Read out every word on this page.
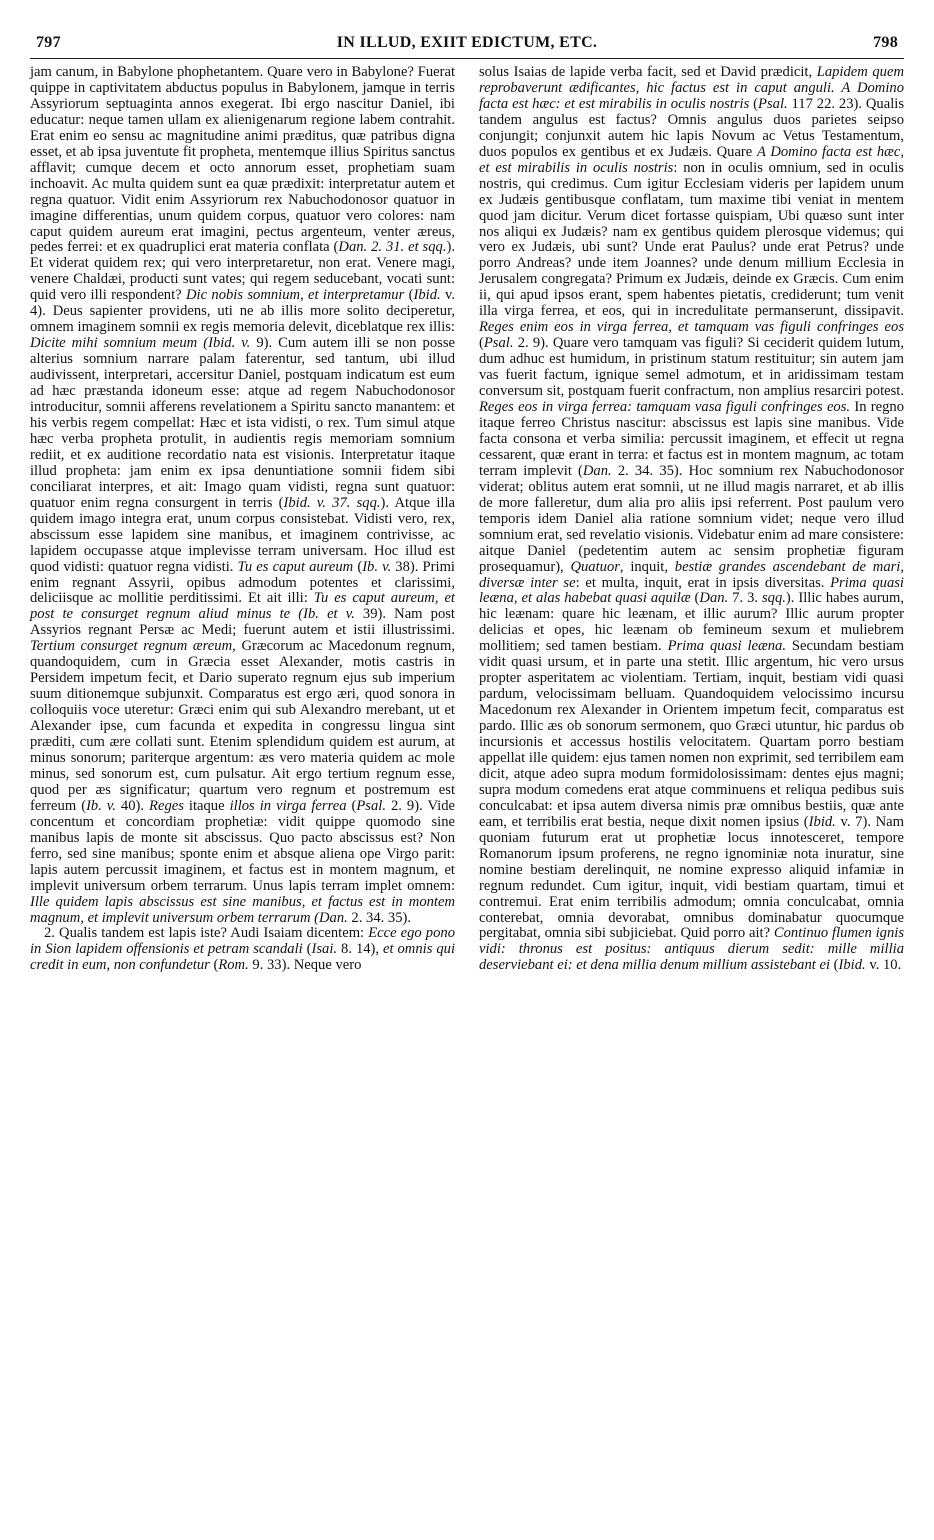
797	IN ILLUD, EXIIT EDICTUM, ETC.	798

jam canum, in Babylone phophetantem. Quare vero in Babylone? Fuerat quippe in captivitatem abductus populus in Babylonem, jamque in terris Assyriorum septuaginta annos exegerat. Ibi ergo nascitur Daniel, ibi educatur: neque tamen ullam ex alienigenarum regione labem contrahit. Erat enim eo sensu ac magnitudine animi præditus, quæ patribus digna esset, et ab ipsa juventute fit propheta, mentemque illius Spiritus sanctus afflavit; cumque decem et octo annorum esset, prophetiam suam inchoavit. Ac multa quidem sunt ea quæ prædixit: interpretatur autem et regna quatuor. Vidit enim Assyriorum rex Nabuchodonosor quatuor in imagine differentias, unum quidem corpus, quatuor vero colores: nam caput quidem aureum erat imagini, pectus argenteum, venter æreus, pedes ferrei: et ex quadruplici erat materia conflata (Dan. 2. 31. et sqq.). Et viderat quidem rex; qui vero interpretaretur, non erat. Venere magi, venere Chaldæi, producti sunt vates; qui regem seducebant, vocati sunt: quid vero illi respondent? Dic nobis somnium, et interpretamur (Ibid. v. 4). Deus sapienter providens, uti ne ab illis more solito deciperetur, omnem imaginem somnii ex regis memoria delevit, diceblatque rex illis: Dicite mihi somnium meum (Ibid. v. 9). Cum autem illi se non posse alterius somnium narrare palam faterentur, sed tantum, ubi illud audivissent, interpretari, accersitur Daniel, postquam indicatum est eum ad hæc præstanda idoneum esse: atque ad regem Nabuchodonosor introducitur, somnii afferens revelationem a Spiritu sancto manantem: et his verbis regem compellat: Hæc et ista vidisti, o rex. Tum simul atque hæc verba propheta protulit, in audientis regis memoriam somnium rediit, et ex auditione recordatio nata est visionis. Interpretatur itaque illud propheta: jam enim ex ipsa denuntiatione somnii fidem sibi conciliarat interpres, et ait: Imago quam vidisti, regna sunt quatuor: quatuor enim regna consurgent in terris (Ibid. v. 37. sqq.). Atque illa quidem imago integra erat, unum corpus consistebat. Vidisti vero, rex, abscissum esse lapidem sine manibus, et imaginem contrivisse, ac lapidem occupasse atque implevisse terram universam. Hoc illud est quod vidisti: quatuor regna vidisti. Tu es caput aureum (Ib. v. 38). Primi enim regnant Assyrii, opibus admodum potentes et clarissimi, deliciisque ac mollitie perditissimi. Et ait illi: Tu es caput aureum, et post te consurget regnum aliud minus te (Ib. et v. 39). Nam post Assyrios regnant Persæ ac Medi; fuerunt autem et istii illustrissimi. Tertium consurget regnum æreum, Græcorum ac Macedonum regnum, quandoquidem, cum in Græcia esset Alexander, motis castris in Persidem impetum fecit, et Dario superato regnum ejus sub imperium suum ditionemque subjunxit. Comparatus est ergo æri, quod sonora in colloquiis voce uteretur: Græci enim qui sub Alexandro merebant, ut et Alexander ipse, cum facunda et expedita in congressu lingua sint præditi, cum ære collati sunt. Etenim splendidum quidem est aurum, at minus sonorum; pariterque argentum: æs vero materia quidem ac mole minus, sed sonorum est, cum pulsatur. Ait ergo tertium regnum esse, quod per æs significatur; quartum vero regnum et postremum est ferreum (Ib. v. 40). Reges itaque illos in virga ferrea (Psal. 2. 9). Vide concentum et concordiam prophetiæ: vidit quippe quomodo sine manibus lapis de monte sit abscissus. Quo pacto abscissus est? Non ferro, sed sine manibus; sponte enim et absque aliena ope Virgo parit: lapis autem percussit imaginem, et factus est in montem magnum, et implevit universum orbem terrarum. Unus lapis terram implet omnem: Ille quidem lapis abscissus est sine manibus, et factus est in montem magnum, et implevit universum orbem terrarum (Dan. 2. 34. 35).

2. Qualis tandem est lapis iste? Audi Isaiam dicentem: Ecce ego pono in Sion lapidem offensionis et petram scandali (Isai. 8. 14), et omnis qui credit in eum, non confundetur (Rom. 9. 33). Neque vero

solus Isaias de lapide verba facit, sed et David prædicit, Lapidem quem reprobaverunt ædificantes, hic factus est in caput anguli. A Domino facta est hæc: et est mirabilis in oculis nostris (Psal. 117 22. 23). Qualis tandem angulus est factus? Omnis angulus duos parietes seipso conjungit; conjunxit autem hic lapis Novum ac Vetus Testamentum, duos populos ex gentibus et ex Judæis. Quare A Domino facta est hæc, et est mirabilis in oculis nostris: non in oculis omnium, sed in oculis nostris, qui credimus. Cum igitur Ecclesiam videris per lapidem unum ex Judæis gentibusque conflatam, tum maxime tibi veniat in mentem quod jam dicitur. Verum dicet fortasse quispiam, Ubi quæso sunt inter nos aliqui ex Judæis? nam ex gentibus quidem plerosque videmus; qui vero ex Judæis, ubi sunt? Unde erat Paulus? unde erat Petrus? unde porro Andreas? unde item Joannes? unde denum millium Ecclesia in Jerusalem congregata? Primum ex Judæis, deinde ex Græcis. Cum enim ii, qui apud ipsos erant, spem habentes pietatis, crediderunt; tum venit illa virga ferrea, et eos, qui in incredulitate permanserunt, dissipavit. Reges enim eos in virga ferrea, et tamquam vas figuli confringes eos (Psal. 2. 9). Quare vero tamquam vas figuli? Si ceciderit quidem lutum, dum adhuc est humidum, in pristinum statum restituitur; sin autem jam vas fuerit factum, ignique semel admotum, et in aridissimam testam conversum sit, postquam fuerit confractum, non amplius resarciri potest. Reges eos in virga ferrea: tamquam vasa figuli confringes eos. In regno itaque ferreo Christus nascitur: abscissus est lapis sine manibus. Vide facta consona et verba similia: percussit imaginem, et effecit ut regna cessarent, quæ erant in terra: et factus est in montem magnum, ac totam terram implevit (Dan. 2. 34. 35). Hoc somnium rex Nabuchodonosor viderat; oblitus autem erat somnii, ut ne illud magis narraret, et ab illis de more falleretur, dum alia pro aliis ipsi referrent. Post paulum vero temporis idem Daniel alia ratione somnium videt; neque vero illud somnium erat, sed revelatio visionis. Videbatur enim ad mare consistere: aitque Daniel (pedetentim autem ac sensim prophetiæ figuram prosequamur), Quatuor, inquit, bestiæ grandes ascendebant de mari, diversæ inter se: et multa, inquit, erat in ipsis diversitas. Prima quasi leæna, et alas habebat quasi aquilæ (Dan. 7. 3. sqq.). Illic habes aurum, hic leænam: quare hic leænam, et illic aurum? Illic aurum propter delicias et opes, hic leænam ob femineum sexum et muliebrem mollitiem; sed tamen bestiam. Prima quasi leæna. Secundam bestiam vidit quasi ursum, et in parte una stetit. Illic argentum, hic vero ursus propter asperitatem ac violentiam. Tertiam, inquit, bestiam vidi quasi pardum, velocissimam belluam. Quandoquidem velocissimo incursu Macedonum rex Alexander in Orientem impetum fecit, comparatus est pardo. Illic æs ob sonorum sermonem, quo Græci utuntur, hic pardus ob incursionis et accessus hostilis velocitatem. Quartam porro bestiam appellat ille quidem: ejus tamen nomen non exprimit, sed terribilem eam dicit, atque adeo supra modum formidolosissimam: dentes ejus magni; supra modum comedens erat atque comminuens et reliqua pedibus suis conculcabat: et ipsa autem diversa nimis præ omnibus bestiis, quæ ante eam, et terribilis erat bestia, neque dixit nomen ipsius (Ibid. v. 7). Nam quoniam futurum erat ut prophetiæ locus innotesceret, tempore Romanorum ipsum proferens, ne regno ignominiæ nota inuratur, sine nomine bestiam derelinquit, ne nomine expresso aliquid infamiæ in regnum redundet. Cum igitur, inquit, vidi bestiam quartam, timui et contremui. Erat enim terribilis admodum; omnia conculcabat, omnia conterebat, omnia devorabat, omnibus dominabatur quocumque pergitabat, omnia sibi subjiciebat. Quid porro ait? Continuo flumen ignis vidi: thronus est positus: antiquus dierum sedit: mille millia deserviebant ei: et dena millia denum millium assistebant ei (Ibid. v. 10.
